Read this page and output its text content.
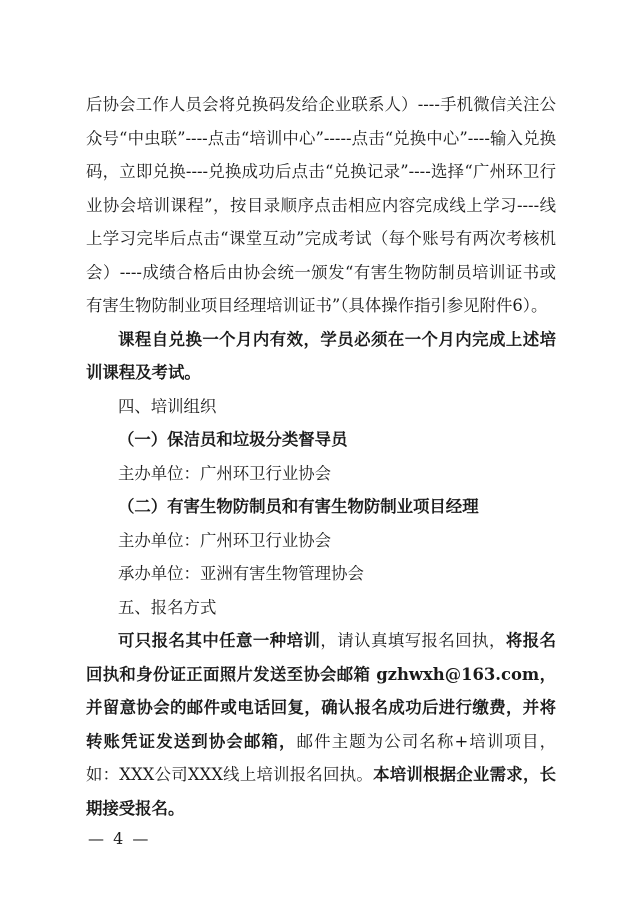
后协会工作人员会将兑换码发给企业联系人）----手机微信关注公众号“中虫联”----点击“培训中心”-----点击“兑换中心”----输入兑换码，立即兑换----兑换成功后点击“兑换记录”----选择“广州环卫行业协会培训课程”，按目录顺序点击相应内容完成线上学习----线上学习完毕后点击“课堂互动”完成考试（每个账号有两次考核机会）----成绩合格后由协会统一颁发“有害生物防制员培训证书或有害生物防制业项目经理培训证书”（具体操作指引参见附件6）。

课程自兑换一个月内有效，学员必须在一个月内完成上述培训课程及考试。

四、培训组织

（一）保洁员和垃圾分类督导员

主办单位：广州环卫行业协会

（二）有害生物防制员和有害生物防制业项目经理

主办单位：广州环卫行业协会

承办单位：亚洲有害生物管理协会

五、报名方式

可只报名其中任意一种培训，请认真填写报名回执，将报名回执和身份证正面照片发送至协会邮箱 gzhwxh@163.com，并留意协会的邮件或电话回复，确认报名成功后进行缴费，并将转账凭证发送到协会邮箱，邮件主题为公司名称+培训项目，如：XXX公司XXX线上培训报名回执。本培训根据企业需求，长期接受报名。

— 4 —
